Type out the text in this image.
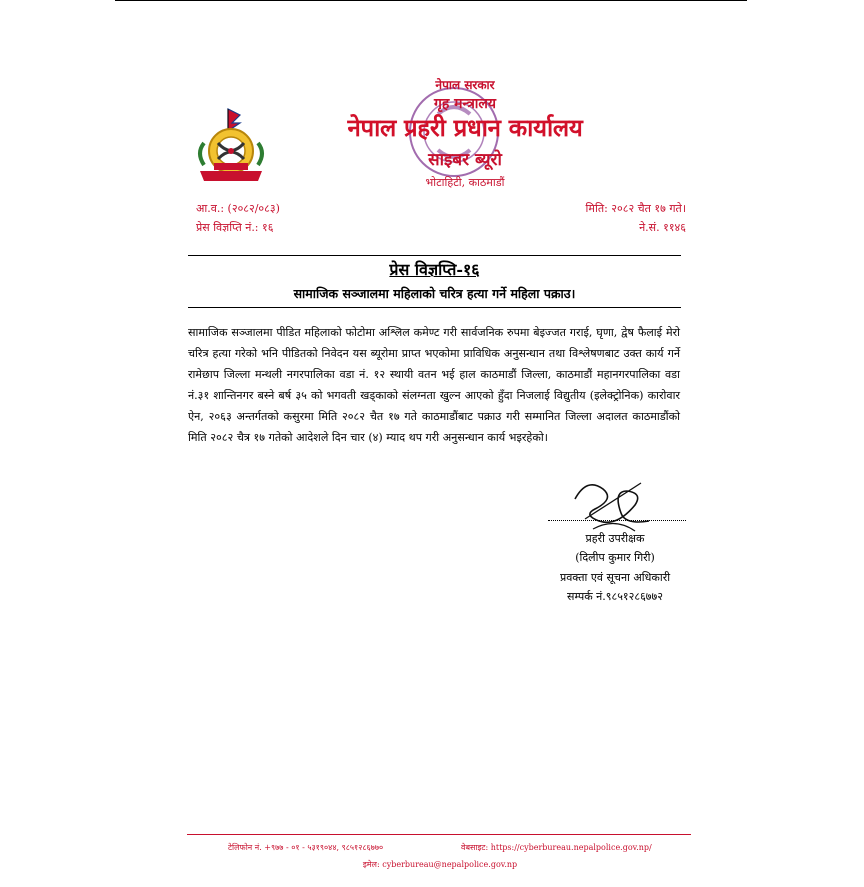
नेपाल सरकार
गृह मन्त्रालय
नेपाल प्रहरी प्रधान कार्यालय
साइबर ब्यूरो
भोटाहिटी, काठमाडौं
आ.व.: (२०८२/०८३)
प्रेस विज्ञप्ति नं.: १६
मिति: २०८२ चैत १७ गते।
ने.सं. ११४६
प्रेस विज्ञप्ति-१६
सामाजिक सञ्जालमा महिलाको चरित्र हत्या गर्ने महिला पक्राउ।
सामाजिक सञ्जालमा पीडित महिलाको फोटोमा अश्लिल कमेण्ट गरी सार्वजनिक रुपमा बेइज्जत गराई, घृणा, द्वेष फैलाई मेरो चरित्र हत्या गरेको भनि पीडितको निवेदन यस ब्यूरोमा प्राप्त भएकोमा प्राविधिक अनुसन्धान तथा विश्लेषणबाट उक्त कार्य गर्ने रामेछाप जिल्ला मन्थली नगरपालिका वडा नं. १२ स्थायी वतन भई हाल काठमाडौं जिल्ला, काठमाडौं महानगरपालिका वडा नं.३१ शान्तिनगर बस्ने बर्ष ३५ को भगवती खड्काको संलग्नता खुल्न आएको हुँदा निजलाई विद्युतीय (इलेक्ट्रोनिक) कारोवार ऐन, २०६३ अन्तर्गतको कसुरमा मिति २०८२ चैत १७ गते काठमाडौंबाट पक्राउ गरी सम्मानित जिल्ला अदालत काठमाडौंको मिति २०८२ चैत्र १७ गतेको आदेशले दिन चार (४) म्याद थप गरी अनुसन्धान कार्य भइरहेको।
प्रहरी उपरीक्षक
(दिलीप कुमार गिरी)
प्रवक्ता एवं सूचना अधिकारी
सम्पर्क नं.९८५१२८६७७२
टेलिफोन नं. +९७७ - ०१ - ५३१९०४४, ९८५१२८६७७०	वेबसाइट: https://cyberbureau.nepalpolice.gov.np/
इमेल: cyberbureau@nepalpolice.gov.np
